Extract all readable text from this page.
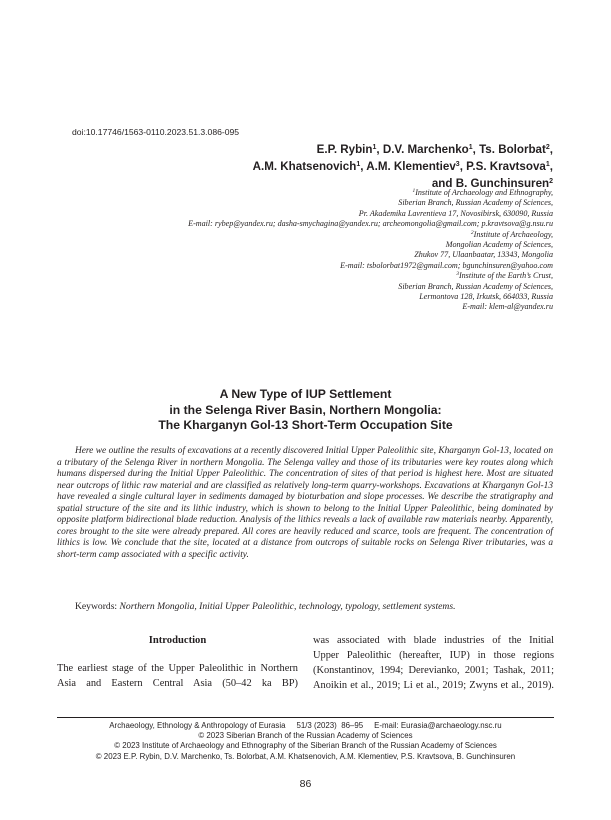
doi:10.17746/1563-0110.2023.51.3.086-095
E.P. Rybin$^1$, D.V. Marchenko$^1$, Ts. Bolorbat$^2$,
A.M. Khatsenovich$^1$, A.M. Klementiev$^3$, P.S. Kravtsova$^1$,
and B. Gunchinsuren$^2$
$^1$Institute of Archaeology and Ethnography,
Siberian Branch, Russian Academy of Sciences,
Pr. Akademika Lavrentieva 17, Novosibirsk, 630090, Russia
E-mail: rybep@yandex.ru; dasha-smychagina@yandex.ru; archeomongolia@gmail.com; p.kravtsova@g.nsu.ru
$^2$Institute of Archaeology,
Mongolian Academy of Sciences,
Zhukov 77, Ulaanbaatar, 13343, Mongolia
E-mail: tsbolorbat1972@gmail.com; bgunchinsuren@yahoo.com
$^3$Institute of the Earth’s Crust,
Siberian Branch, Russian Academy of Sciences,
Lermontova 128, Irkutsk, 664033, Russia
E-mail: klem-al@yandex.ru
A New Type of IUP Settlement
in the Selenga River Basin, Northern Mongolia:
The Kharganyn Gol-13 Short-Term Occupation Site

Here we outline the results of excavations at a recently discovered Initial Upper Paleolithic site, Kharganyn Gol-13, located on a tributary of the Selenga River in northern Mongolia. The Selenga valley and those of its tributaries were key routes along which humans dispersed during the Initial Upper Paleolithic. The concentration of sites of that period is highest here. Most are situated near outcrops of lithic raw material and are classified as relatively long-term quarry-workshops. Excavations at Kharganyn Gol-13 have revealed a single cultural layer in sediments damaged by bioturbation and slope processes. We describe the stratigraphy and spatial structure of the site and its lithic industry, which is shown to belong to the Initial Upper Paleolithic, being dominated by opposite platform bidirectional blade reduction. Analysis of the lithics reveals a lack of available raw materials nearby. Apparently, cores brought to the site were already prepared. All cores are heavily reduced and scarce, tools are frequent. The concentration of lithics is low. We conclude that the site, located at a distance from outcrops of suitable rocks on Selenga River tributaries, was a short-term camp associated with a specific activity.

Keywords: Northern Mongolia, Initial Upper Paleolithic, technology, typology, settlement systems.
Introduction
The earliest stage of the Upper Paleolithic in Northern
Asia and Eastern Central Asia (50–42 ka BP)
was associated with blade industries of the Initial
Upper Paleolithic (hereafter, IUP) in those regions
(Konstantinov, 1994; Derevianko, 2001; Tashak, 2011;
Anoikin et al., 2019; Li et al., 2019; Zwyns et al., 2019).
Archaeology, Ethnology & Anthropology of Eurasia     51/3 (2023)  86–95     E-mail: Eurasia@archaeology.nsc.ru
© 2023 Siberian Branch of the Russian Academy of Sciences
© 2023 Institute of Archaeology and Ethnography of the Siberian Branch of the Russian Academy of Sciences
© 2023 E.P. Rybin, D.V. Marchenko, Ts. Bolorbat, A.M. Khatsenovich, A.M. Klementiev, P.S. Kravtsova, B. Gunchinsuren
86
